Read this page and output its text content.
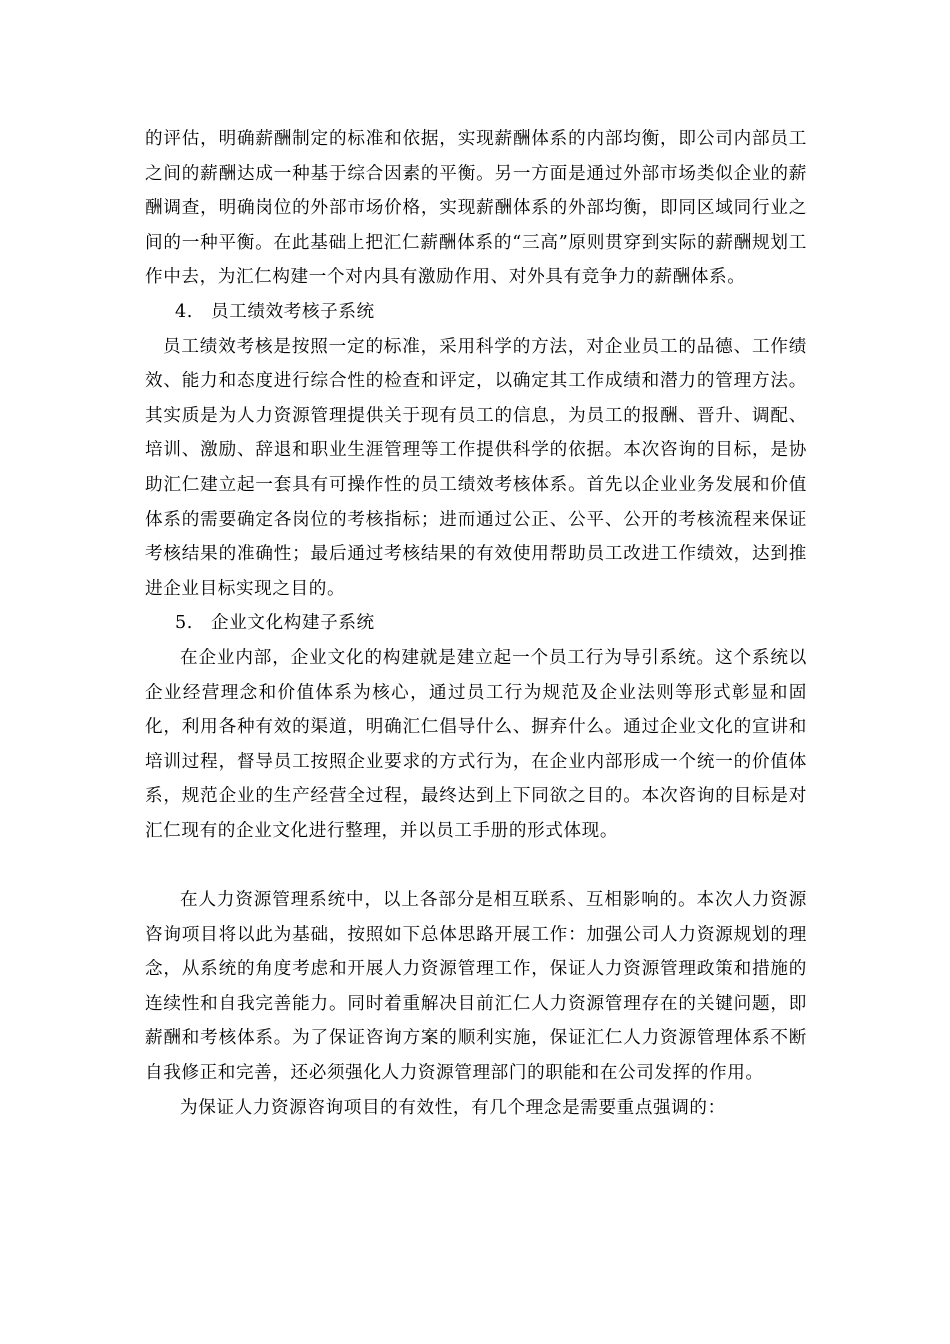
的评估，明确薪酬制定的标准和依据，实现薪酬体系的内部均衡，即公司内部员工之间的薪酬达成一种基于综合因素的平衡。另一方面是通过外部市场类似企业的薪酬调查，明确岗位的外部市场价格，实现薪酬体系的外部均衡，即同区域同行业之间的一种平衡。在此基础上把汇仁薪酬体系的“三高”原则贯穿到实际的薪酬规划工作中去，为汇仁构建一个对内具有激励作用、对外具有竞争力的薪酬体系。

4. 员工绩效考核子系统

员工绩效考核是按照一定的标准，采用科学的方法，对企业员工的品德、工作绩效、能力和态度进行综合性的检查和评定，以确定其工作成绩和潜力的管理方法。其实质是为人力资源管理提供关于现有员工的信息，为员工的报酬、晋升、调配、培训、激励、辞退和职业生涯管理等工作提供科学的依据。本次咨询的目标，是协助汇仁建立起一套具有可操作性的员工绩效考核体系。首先以企业业务发展和价值体系的需要确定各岗位的考核指标；进而通过公正、公平、公开的考核流程来保证考核结果的准确性；最后通过考核结果的有效使用帮助员工改进工作绩效，达到推进企业目标实现之目的。

5. 企业文化构建子系统

在企业内部，企业文化的构建就是建立起一个员工行为导引系统。这个系统以企业经营理念和价值体系为核心，通过员工行为规范及企业法则等形式彰显和固化，利用各种有效的渠道，明确汇仁倡导什么、摒弃什么。通过企业文化的宣讲和培训过程，督导员工按照企业要求的方式行为，在企业内部形成一个统一的价值体系，规范企业的生产经营全过程，最终达到上下同欲之目的。本次咨询的目标是对汇仁现有的企业文化进行整理，并以员工手册的形式体现。

在人力资源管理系统中，以上各部分是相互联系、互相影响的。本次人力资源咨询项目将以此为基础，按照如下总体思路开展工作：加强公司人力资源规划的理念，从系统的角度考虑和开展人力资源管理工作，保证人力资源管理政策和措施的连续性和自我完善能力。同时着重解决目前汇仁人力资源管理存在的关键问题，即薪酬和考核体系。为了保证咨询方案的顺利实施，保证汇仁人力资源管理体系不断自我修正和完善，还必须强化人力资源管理部门的职能和在公司发挥的作用。

为保证人力资源咨询项目的有效性，有几个理念是需要重点强调的：
